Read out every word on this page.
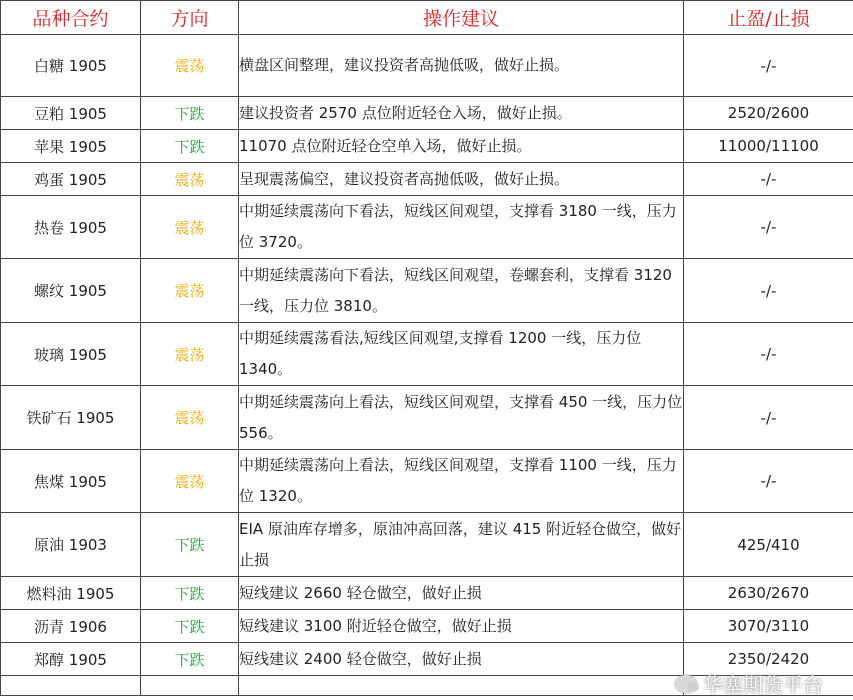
品种合约	方向	操作建议	止盈/止损
白糖 1905	震荡	横盘区间整理，建议投资者高抛低吸，做好止损。	-/-
豆粕 1905	下跌	建议投资者 2570 点位附近轻仓入场，做好止损。	2520/2600
苹果 1905	下跌	11070 点位附近轻仓空单入场，做好止损。	11000/11100
鸡蛋 1905	震荡	呈现震荡偏空，建议投资者高抛低吸，做好止损。	-/-
热卷 1905	震荡	中期延续震荡向下看法，短线区间观望，支撑看 3180 一线，压力位 3720。	-/-
螺纹 1905	震荡	中期延续震荡向下看法，短线区间观望，卷螺套利，支撑看 3120 一线，压力位 3810。	-/-
玻璃 1905	震荡	中期延续震荡看法,短线区间观望,支撑看 1200 一线，压力位 1340。	-/-
铁矿石 1905	震荡	中期延续震荡向上看法，短线区间观望，支撑看 450 一线，压力位 556。	-/-
焦煤 1905	震荡	中期延续震荡向上看法，短线区间观望，支撑看 1100 一线，压力位 1320。	-/-
原油 1903	下跌	EIA 原油库存增多，原油冲高回落，建议 415 附近轻仓做空，做好止损	425/410
燃料油 1905	下跌	短线建议 2660 轻仓做空，做好止损	2630/2670
沥青 1906	下跌	短线建议 3100 附近轻仓做空，做好止损	3070/3110
郑醇 1905	下跌	短线建议 2400 轻仓做空，做好止损	2350/2420

华塞期货平台
